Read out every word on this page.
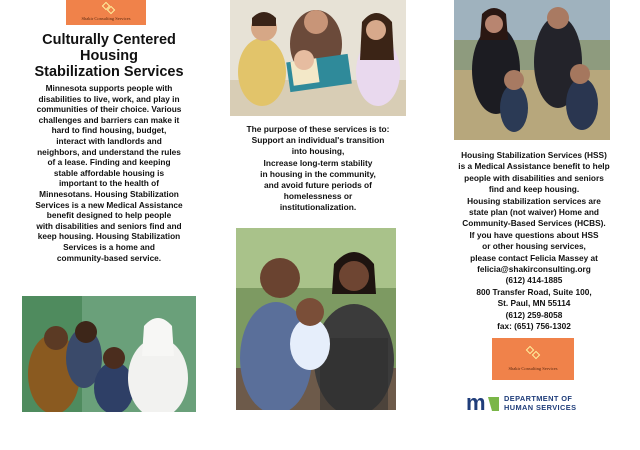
Shakir Consulting Services
Culturally Centered
Housing
Stabilization Services
Minnesota supports people with
disabilities to live, work, and play in
communities of their choice. Various
challenges and barriers can make it
hard to find housing, budget,
interact with landlords and
neighbors, and understand the rules
of a lease. Finding and keeping
stable affordable housing is
important to the health of
Minnesotans. Housing Stabilization
Services is a new Medical Assistance
benefit designed to help people
with disabilities and seniors find and
keep housing. Housing Stabilization
Services is a home and
community-based service.
The purpose of these services is to:
Support an individual's transition
into housing,
Increase long-term stability
in housing in the community,
and avoid future periods of
homelessness or
institutionalization.
Housing Stabilization Services (HSS)
is a Medical Assistance benefit to help
people with disabilities and seniors
find and keep housing.
Housing stabilization services are
state plan (not waiver) Home and
Community-Based Services (HCBS).
If you have questions about HSS
or other housing services,
please contact Felicia Massey at
felicia@shakirconsulting.org
(612) 414-1885
800 Transfer Road, Suite 100,
St. Paul, MN 55114
(612) 259-8058
fax: (651) 756-1302
Shakir Consulting Services
m DEPARTMENT OF
HUMAN SERVICES
